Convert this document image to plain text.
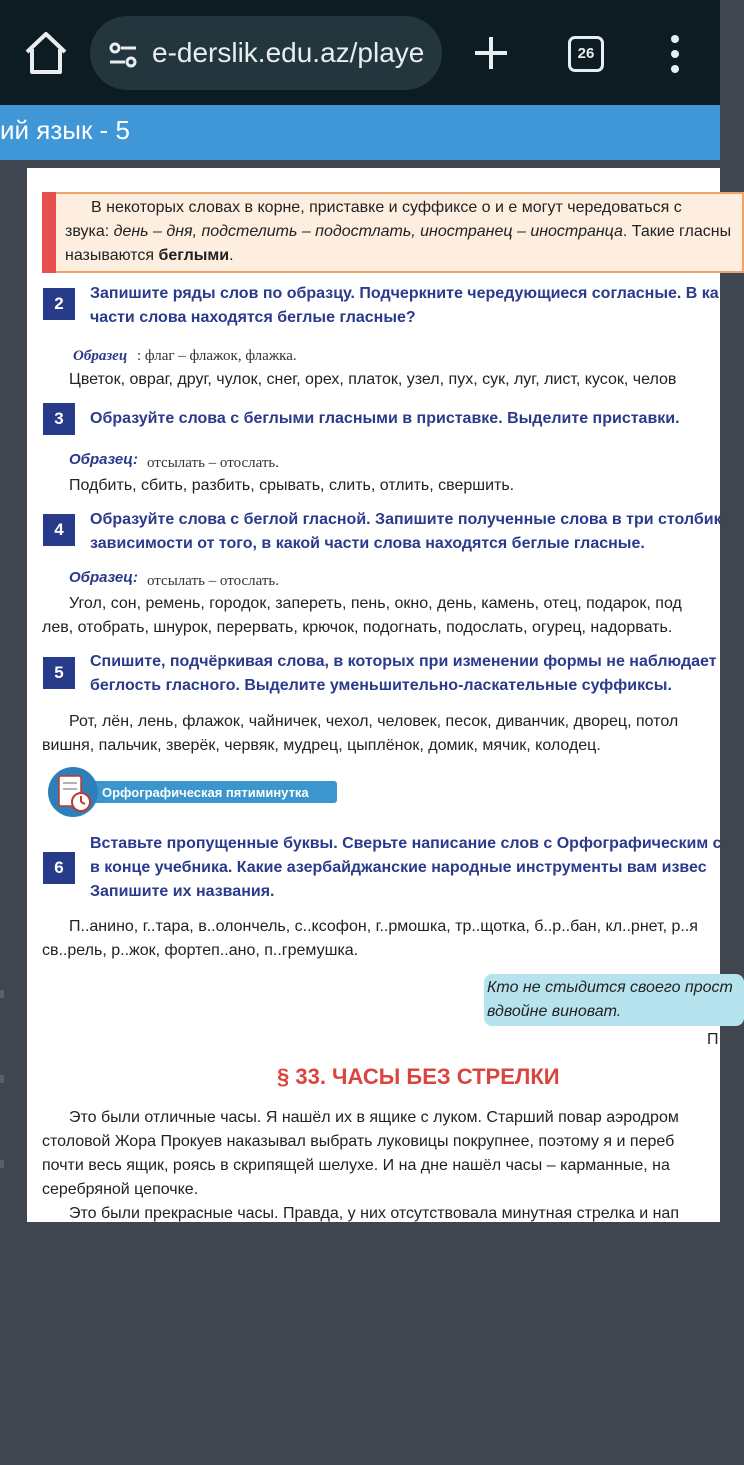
e-derslik.edu.az/playe	26
ий язык - 5
В некоторых словах в корне, приставке и суффиксе о и е могут чередоваться с
звука: день – дня, подстелить – подостлать, иностранец – иностранца. Такие гласны
называются беглыми.
2
Запишите ряды слов по образцу. Подчеркните чередующиеся согласные. В ка
части слова находятся беглые гласные?
Образец : флаг – флажок, флажка.
Цветок, овраг, друг, чулок, снег, орех, платок, узел, пух, сук, луг, лист, кусок, челов
3	Образуйте слова с беглыми гласными в приставке. Выделите приставки.
Образец: отсылать – отослать.
Подбить, сбить, разбить, срывать, слить, отлить, свершить.
4
Образуйте слова с беглой гласной. Запишите полученные слова в три столбик
зависимости от того, в какой части слова находятся беглые гласные.
Образец: отсылать – отослать.
Угол, сон, ремень, городок, запереть, пень, окно, день, камень, отец, подарок, под
лев, отобрать, шнурок, перервать, крючок, подогнать, подослать, огурец, надорвать.
5
Спишите, подчёркивая слова, в которых при изменении формы не наблюдает
беглость гласного. Выделите уменьшительно-ласкательные суффиксы.
Рот, лён, лень, флажок, чайничек, чехол, человек, песок, диванчик, дворец, потол
вишня, пальчик, зверёк, червяк, мудрец, цыплёнок, домик, мячик, колодец.
Орфографическая пятиминутка
6
Вставьте пропущенные буквы. Сверьте написание слов с Орфографическим с
в конце учебника. Какие азербайджанские народные инструменты вам извес
Запишите их названия.
П..анино, г..тара, в..олончель, с..ксофон, г..рмошка, тр..щотка, б..р..бан, кл..рнет, р..я
св..рель, р..жок, фортеп..ано, п..гремушка.
Кто не стыдится своего прост
вдвойне виноват.
П
§ 33. ЧАСЫ БЕЗ СТРЕЛКИ
Это были отличные часы. Я нашёл их в ящике с луком. Старший повар аэродром
столовой Жора Прокуев наказывал выбрать луковицы покрупнее, поэтому я и переб
почти весь ящик, роясь в скрипящей шелухе. И на дне нашёл часы – карманные, на
серебряной цепочке.
Это были прекрасные часы. Правда, у них отсутствовала минутная стрелка и нап
